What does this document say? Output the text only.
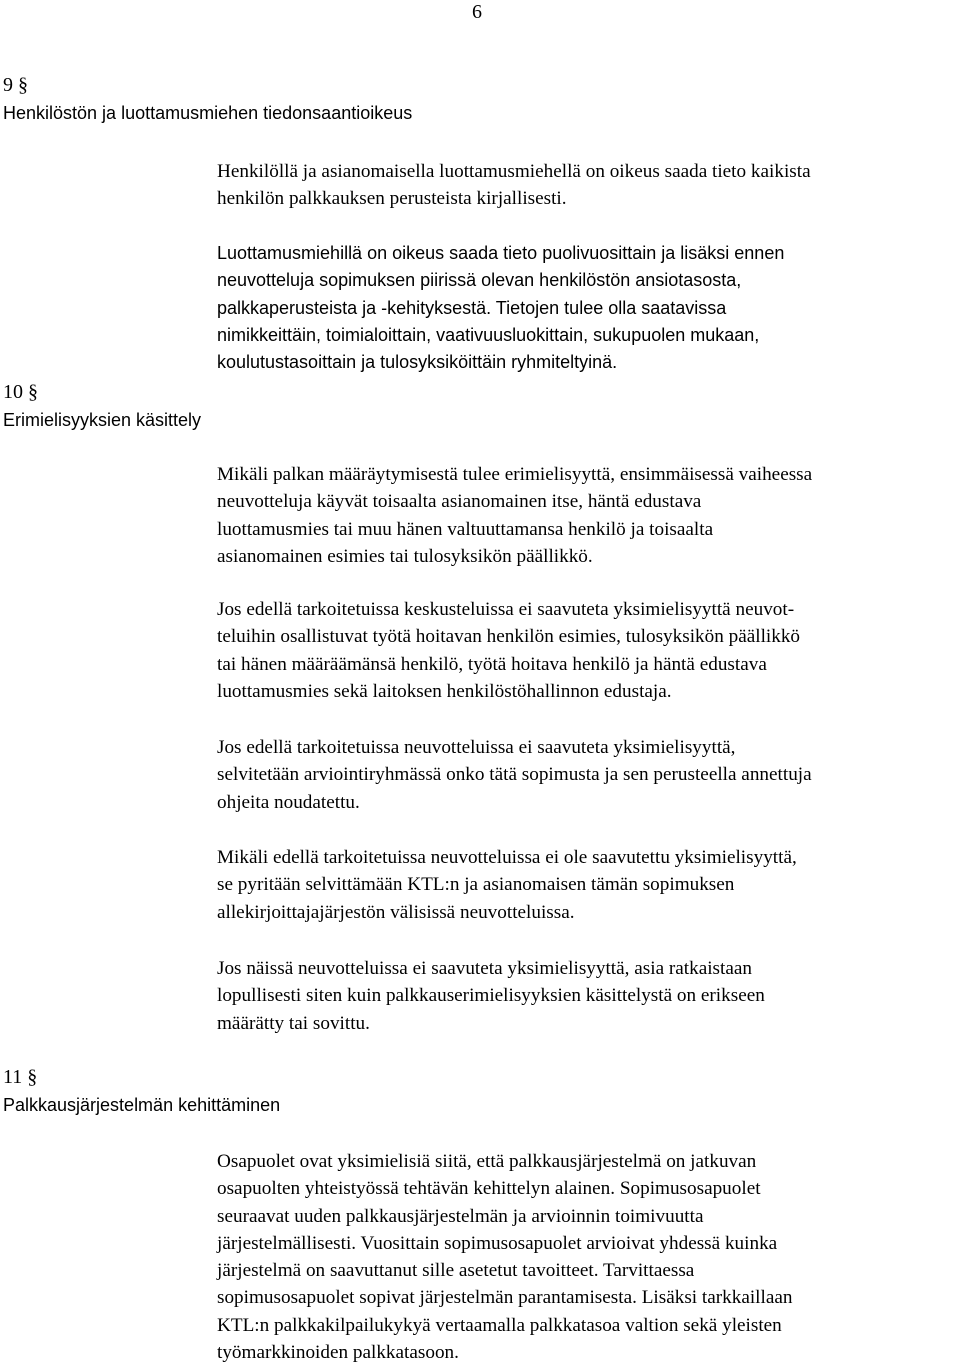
6
9 §
Henkilöstön ja luottamusmiehen tiedonsaantioikeus
10 §
Erimielisyyksien käsittely
11 §
Palkkausjärjestelmän kehittäminen
Henkilöllä ja asianomaisella luottamusmiehellä on oikeus saada tieto kaikista
henkilön palkkauksen perusteista kirjallisesti.
Luottamusmiehillä on oikeus saada tieto puolivuosittain ja lisäksi ennen
neuvotteluja sopimuksen piirissä olevan henkilöstön ansiotasosta,
palkkaperusteista ja -kehityksestä. Tietojen tulee olla saatavissa
nimikkeittäin, toimialoittain, vaativuusluokittain, sukupuolen mukaan,
koulutustasoittain ja tulosyksiköittäin ryhmiteltyinä.
Mikäli palkan määräytymisestä tulee erimielisyyttä, ensimmäisessä vaiheessa
neuvotteluja käyvät toisaalta asianomainen itse, häntä edustava
luottamusmies tai muu hänen valtuuttamansa henkilö ja toisaalta
asianomainen esimies tai tulosyksikön päällikkö.
Jos edellä tarkoitetuissa keskusteluissa ei saavuteta yksimielisyyttä neuvot-
teluihin osallistuvat työtä hoitavan henkilön esimies, tulosyksikön päällikkö
tai hänen määräämänsä henkilö, työtä hoitava henkilö ja häntä edustava
luottamusmies sekä laitoksen henkilöstöhallinnon edustaja.
Jos edellä tarkoitetuissa neuvotteluissa ei saavuteta yksimielisyyttä,
selvitetään arviointiryhmässä onko tätä sopimusta ja sen perusteella annettuja
ohjeita noudatettu.
Mikäli edellä tarkoitetuissa neuvotteluissa ei ole saavutettu yksimielisyyttä,
se pyritään selvittämään KTL:n ja asianomaisen tämän sopimuksen
allekirjoittajajärjestön välisissä neuvotteluissa.
Jos näissä neuvotteluissa ei saavuteta yksimielisyyttä, asia ratkaistaan
lopullisesti siten kuin palkkauserimielisyyksien käsittelystä on erikseen
määrätty tai sovittu.
Osapuolet ovat yksimielisiä siitä, että palkkausjärjestelmä on jatkuvan
osapuolten yhteistyössä tehtävän kehittelyn alainen. Sopimusosapuolet
seuraavat uuden palkkausjärjestelmän ja arvioinnin toimivuutta
järjestelmällisesti. Vuosittain sopimusosapuolet arvioivat yhdessä kuinka
järjestelmä on saavuttanut sille asetetut tavoitteet. Tarvittaessa
sopimusosapuolet sopivat järjestelmän parantamisesta. Lisäksi tarkkaillaan
KTL:n palkkakilpailukykyä vertaamalla palkkatasoa valtion sekä yleisten
työmarkkinoiden palkkatasoon.
